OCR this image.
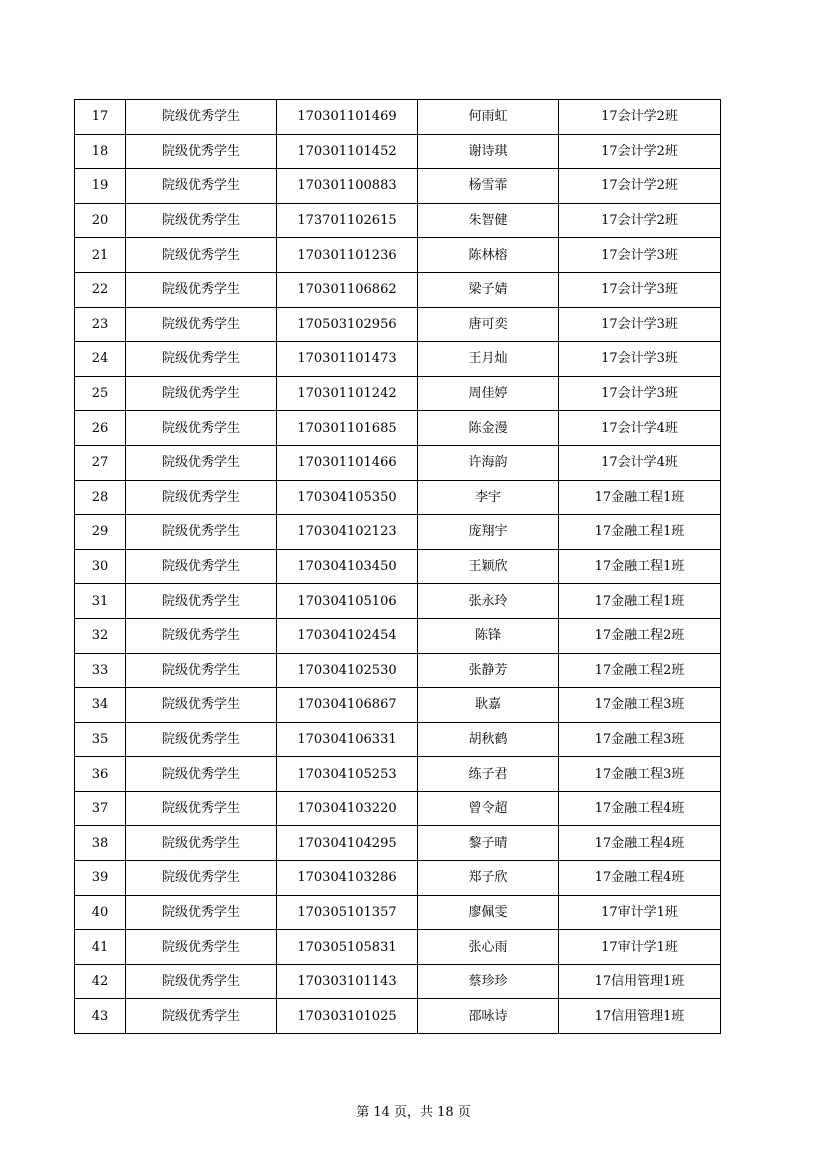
17	院级优秀学生	170301101469	何雨虹	17会计学2班
18	院级优秀学生	170301101452	谢诗琪	17会计学2班
19	院级优秀学生	170301100883	杨雪霏	17会计学2班
20	院级优秀学生	173701102615	朱智健	17会计学2班
21	院级优秀学生	170301101236	陈林榕	17会计学3班
22	院级优秀学生	170301106862	梁子婧	17会计学3班
23	院级优秀学生	170503102956	唐可奕	17会计学3班
24	院级优秀学生	170301101473	王月灿	17会计学3班
25	院级优秀学生	170301101242	周佳婷	17会计学3班
26	院级优秀学生	170301101685	陈金漫	17会计学4班
27	院级优秀学生	170301101466	许海韵	17会计学4班
28	院级优秀学生	170304105350	李宇	17金融工程1班
29	院级优秀学生	170304102123	庞翔宇	17金融工程1班
30	院级优秀学生	170304103450	王颖欣	17金融工程1班
31	院级优秀学生	170304105106	张永玲	17金融工程1班
32	院级优秀学生	170304102454	陈锋	17金融工程2班
33	院级优秀学生	170304102530	张静芳	17金融工程2班
34	院级优秀学生	170304106867	耿嘉	17金融工程3班
35	院级优秀学生	170304106331	胡秋鹤	17金融工程3班
36	院级优秀学生	170304105253	练子君	17金融工程3班
37	院级优秀学生	170304103220	曾令超	17金融工程4班
38	院级优秀学生	170304104295	黎子晴	17金融工程4班
39	院级优秀学生	170304103286	郑子欣	17金融工程4班
40	院级优秀学生	170305101357	廖佩雯	17审计学1班
41	院级优秀学生	170305105831	张心雨	17审计学1班
42	院级优秀学生	170303101143	蔡珍珍	17信用管理1班
43	院级优秀学生	170303101025	邵咏诗	17信用管理1班
第 14 页，共 18 页
